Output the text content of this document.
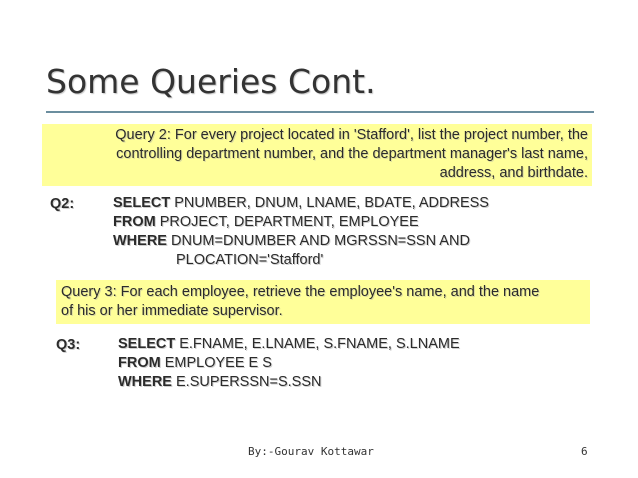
Some Queries Cont.
Query 2: For every project located in 'Stafford', list the project number, the
controlling department number, and the department manager's last name,
address, and birthdate.
Q2:	SELECT PNUMBER, DNUM, LNAME, BDATE, ADDRESS
FROM PROJECT, DEPARTMENT, EMPLOYEE
WHERE DNUM=DNUMBER AND MGRSSN=SSN AND
PLOCATION='Stafford'
Query 3: For each employee, retrieve the employee's name, and the name
of his or her immediate supervisor.
Q3:	SELECT E.FNAME, E.LNAME, S.FNAME, S.LNAME
FROM EMPLOYEE E S
WHERE E.SUPERSSN=S.SSN
By:-Gourav Kottawar	6
